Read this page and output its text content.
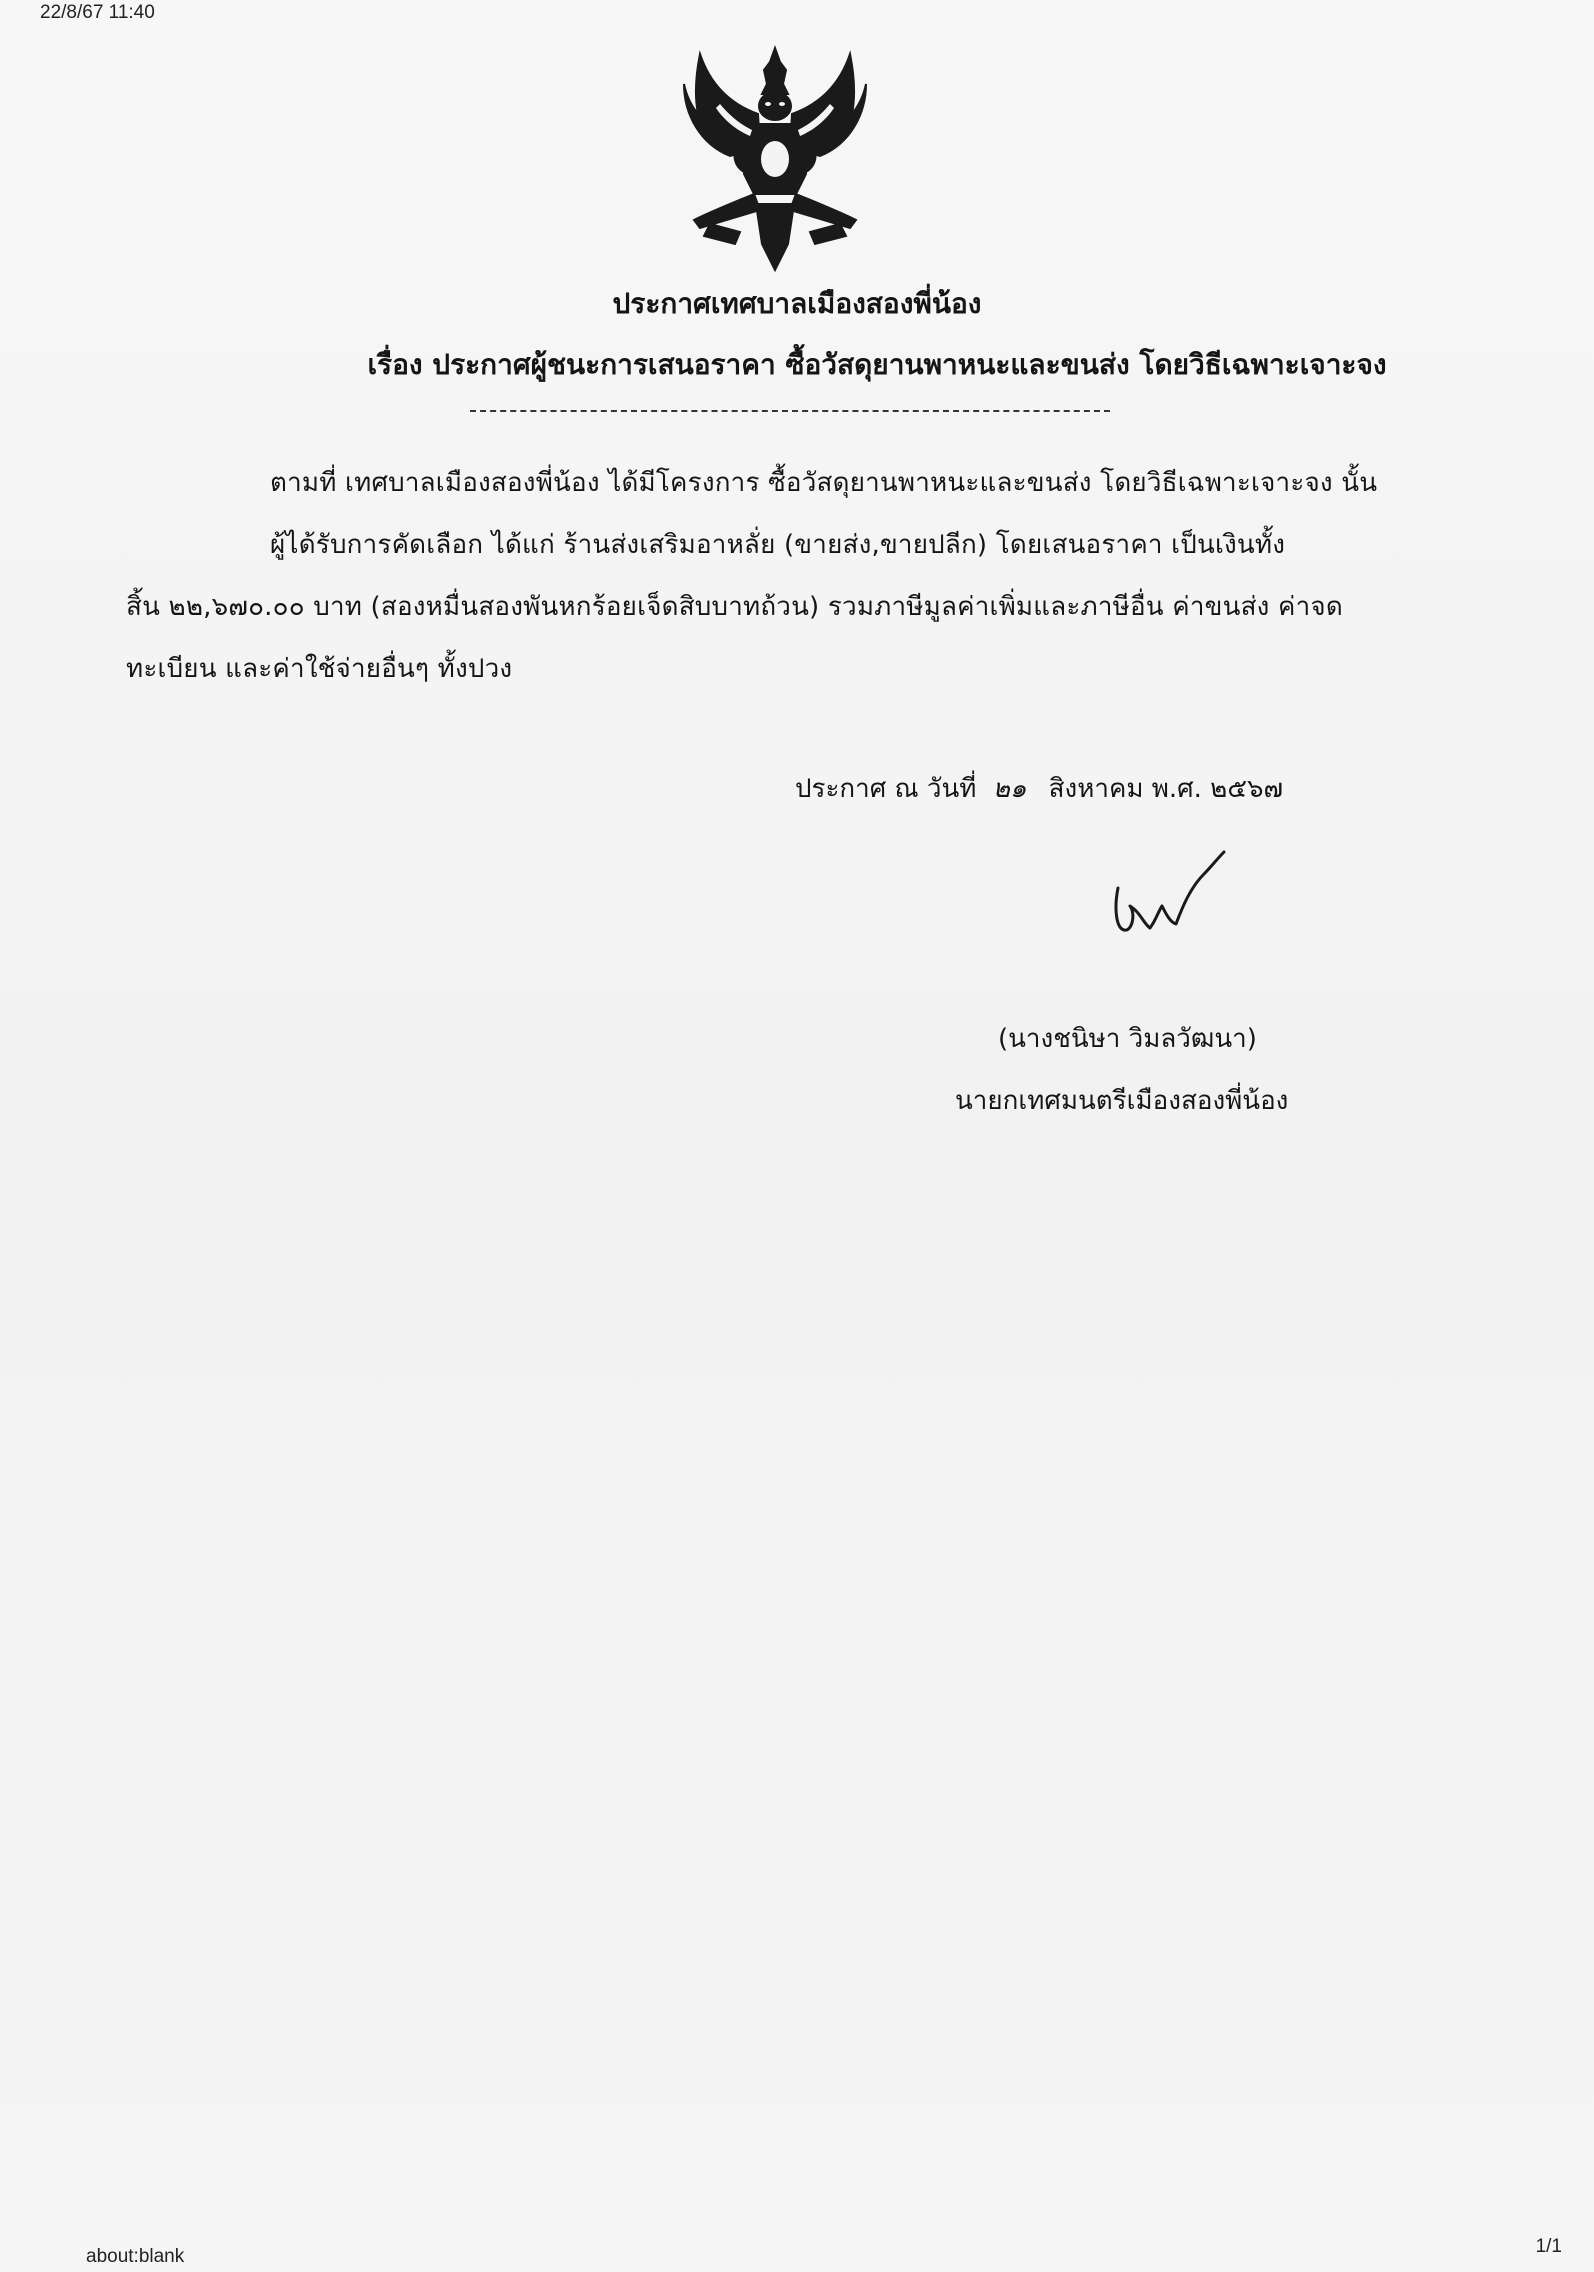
22/8/67 11:40
ประกาศเทศบาลเมืองสองพี่น้อง
เรื่อง ประกาศผู้ชนะการเสนอราคา ซื้อวัสดุยานพาหนะและขนส่ง โดยวิธีเฉพาะเจาะจง
ตามที่ เทศบาลเมืองสองพี่น้อง ได้มีโครงการ ซื้อวัสดุยานพาหนะและขนส่ง โดยวิธีเฉพาะเจาะจง นั้น
ผู้ได้รับการคัดเลือก ได้แก่ ร้านส่งเสริมอาหลั่ย (ขายส่ง,ขายปลีก) โดยเสนอราคา เป็นเงินทั้ง
สิ้น ๒๒,๖๗๐.๐๐ บาท (สองหมื่นสองพันหกร้อยเจ็ดสิบบาทถ้วน) รวมภาษีมูลค่าเพิ่มและภาษีอื่น ค่าขนส่ง ค่าจด
ทะเบียน และค่าใช้จ่ายอื่นๆ ทั้งปวง
ประกาศ ณ วันที่ ๒๑ สิงหาคม พ.ศ. ๒๕๖๗
(นางชนิษา วิมลวัฒนา)
นายกเทศมนตรีเมืองสองพี่น้อง
about:blank	1/1
